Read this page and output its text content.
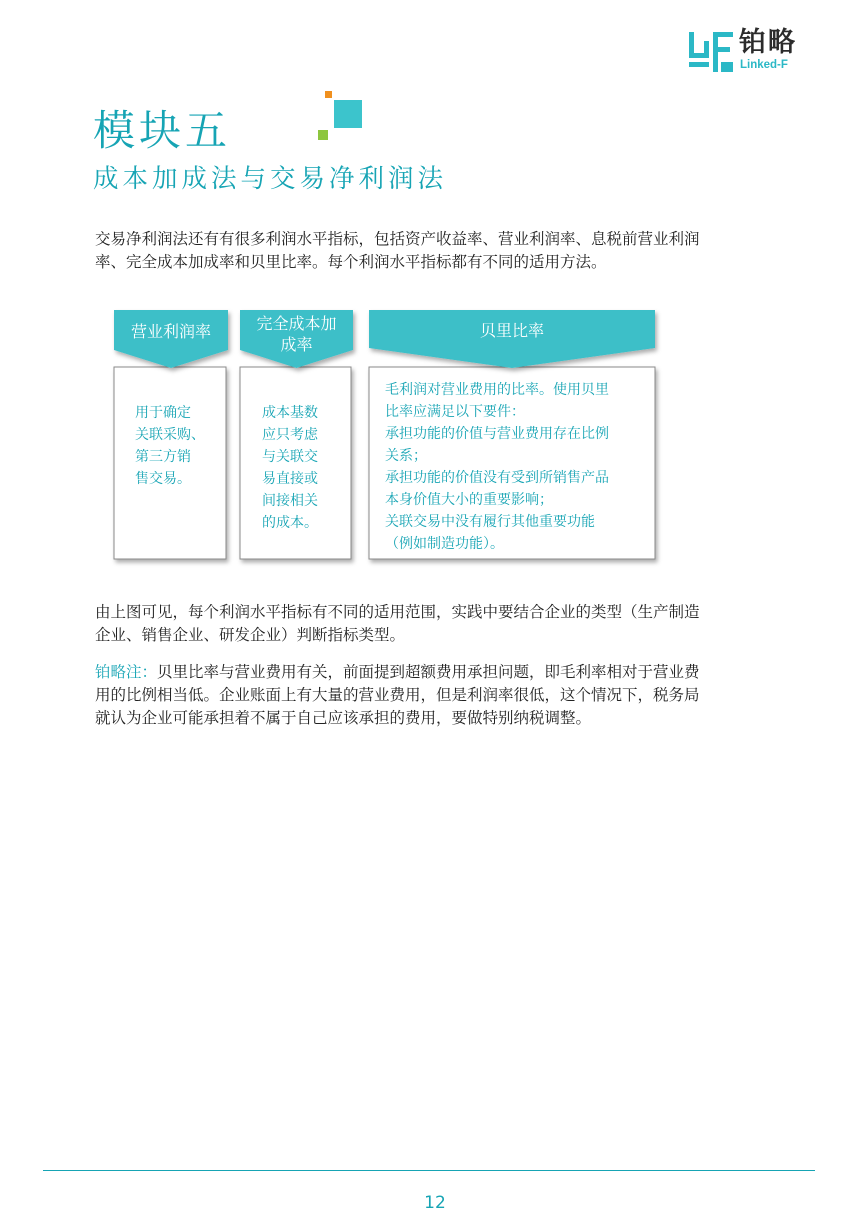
铂略
Linked-F
模块五
成本加成法与交易净利润法
交易净利润法还有有很多利润水平指标，包括资产收益率、营业利润率、息税前营业利润
率、完全成本加成率和贝里比率。每个利润水平指标都有不同的适用方法。
营业利润率	完全成本加
成率
贝里比率
用于确定
关联采购、
第三方销
售交易。
成本基数
应只考虑
与关联交
易直接或
间接相关
的成本。
毛利润对营业费用的比率。使用贝里
比率应满足以下要件：
承担功能的价值与营业费用存在比例
关系；
承担功能的价值没有受到所销售产品
本身价值大小的重要影响；
关联交易中没有履行其他重要功能
（例如制造功能）。
由上图可见，每个利润水平指标有不同的适用范围，实践中要结合企业的类型（生产制造
企业、销售企业、研发企业）判断指标类型。
铂略注：贝里比率与营业费用有关，前面提到超额费用承担问题，即毛利率相对于营业费
用的比例相当低。企业账面上有大量的营业费用，但是利润率很低，这个情况下，税务局
就认为企业可能承担着不属于自己应该承担的费用，要做特别纳税调整。
12
